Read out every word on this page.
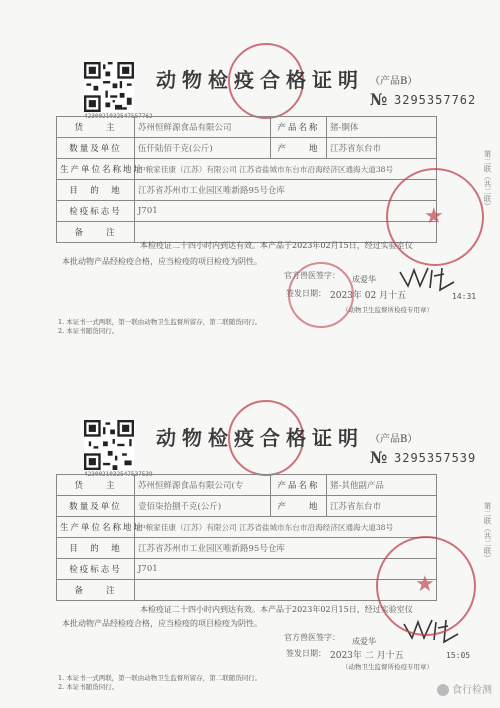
4230021032547557762
动物检疫合格证明 （产品B）
№ 3295357762
货　　主	苏州恒鲜源食品有限公司	产品名称	猪-胴体
数量及单位	伍仟陆佰千克(公斤)	产　　地	江苏省东台市
生产单位名称地址	中粮家佳康（江苏）有限公司 江苏省盐城市东台市沿海经济区通海大道38号		
目　的　地	江苏省苏州市工业园区唯新路95号仓库		
检疫标志号	J701		
备　　注			
本检疫证二十四小时内到达有效。本产品于2023年02月15日，经过实验室仪
本批动物产品经检疫合格，应当检疫的项目检疫为阴性。
官方兽医签字： 成爱华
签发日期： 2023年 02 月十五	14:31
（动物卫生监督所检疫专用章）
★
1. 本证书一式两联，第一联由动物卫生监督所留存，第二联随货同行。
2. 本证书随货同行。
第二联（共二联）
4230021032547537539
动物检疫合格证明 （产品B）
№ 3295357539
货　　主	苏州恒鲜源食品有限公司(专	产品名称	猪-其他副产品
数量及单位	壹佰柒拾捌千克(公斤)	产　　地	江苏省东台市
生产单位名称地址	中粮家佳康（江苏）有限公司 江苏省盐城市东台市沿海经济区通海大道38号		
目　的　地	江苏省苏州市工业园区唯新路95号仓库		
检疫标志号	J701		
备　　注			
本检疫证二十四小时内到达有效。本产品于2023年02月15日，经过实验室仪
本批动物产品经检疫合格，应当检疫的项目检疫为阴性。
官方兽医签字： 成爱华
签发日期： 2023年 二 月十五	15:05
（动物卫生监督所检疫专用章）
★
1. 本证书一式两联，第一联由动物卫生监督所留存，第二联随货同行。
2. 本证书随货同行。
第二联（共二联）
食行检测
